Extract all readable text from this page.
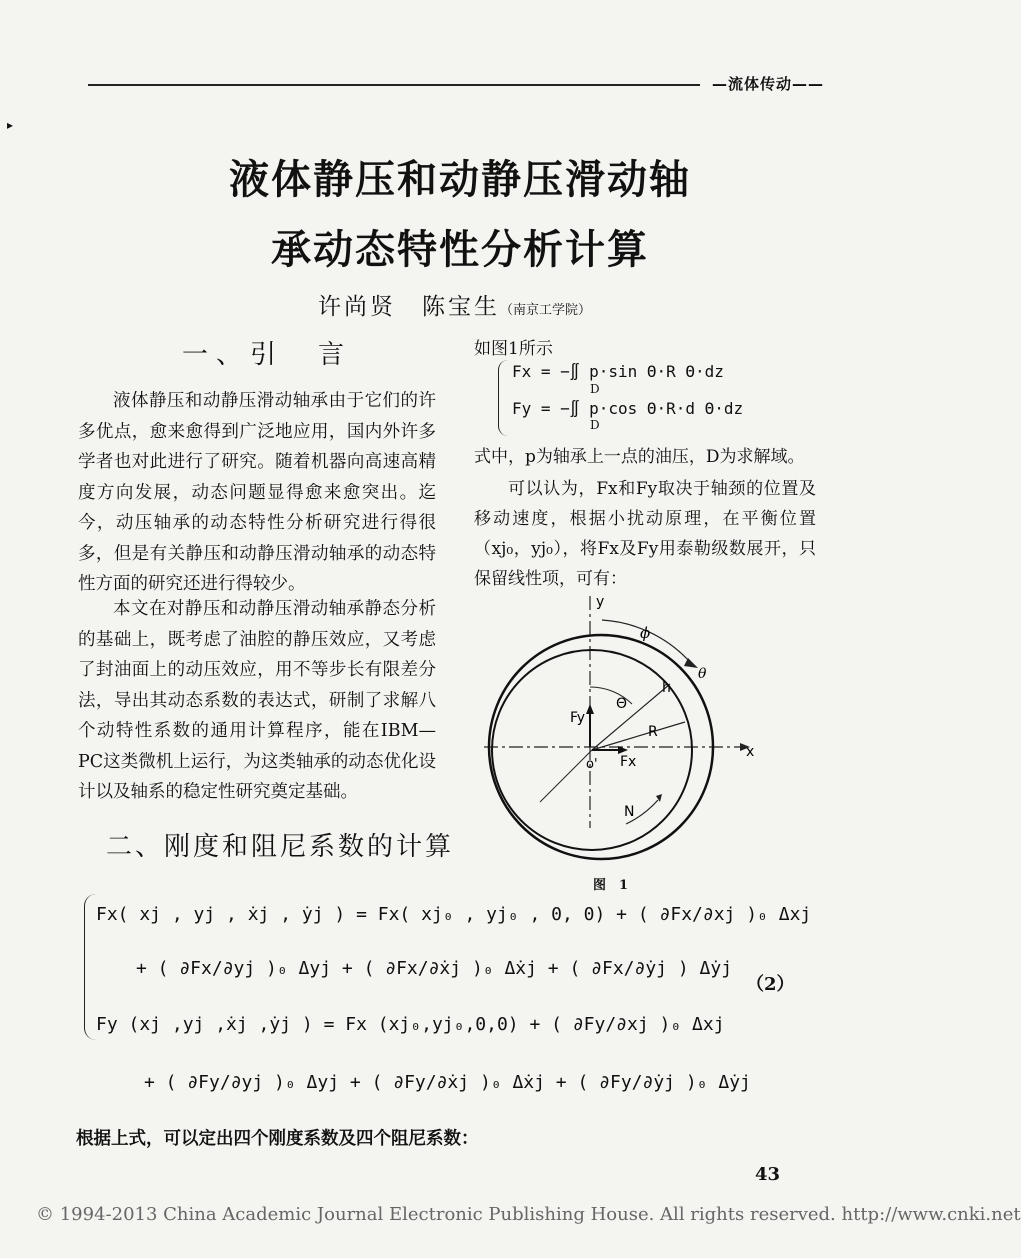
▸
—流体传动——
液体静压和动静压滑动轴
承动态特性分析计算
许尚贤　陈宝生（南京工学院）
一、引　言
液体静压和动静压滑动轴承由于它们的许多优点，愈来愈得到广泛地应用，国内外许多学者也对此进行了研究。随着机器向高速高精度方向发展，动态问题显得愈来愈突出。迄今，动压轴承的动态特性分析研究进行得很多，但是有关静压和动静压滑动轴承的动态特性方面的研究还进行得较少。
本文在对静压和动静压滑动轴承静态分析的基础上，既考虑了油腔的静压效应，又考虑了封油面上的动压效应，用不等步长有限差分法，导出其动态系数的表达式，研制了求解八个动特性系数的通用计算程序，能在IBM—PC这类微机上运行，为这类轴承的动态优化设计以及轴系的稳定性研究奠定基础。
二、刚度和阻尼系数的计算
如图1所示
Fx = −∬ p·sin Θ·R Θ·dz
Fy = −∬ p·cos Θ·R·d Θ·dz
D
D
式中，p为轴承上一点的油压，D为求解域。
可以认为，Fx和Fy取决于轴颈的位置及移动速度，根据小扰动原理，在平衡位置（xj₀，yj₀），将Fx及Fy用泰勒级数展开，只保留线性项，可有：
y
x
ϕ
θ
h
Θ
R
Fy
Fx
o'
N
图　1
Fx( xj , yj , ẋj , ẏj ) = Fx( xj₀ , yj₀ , 0, 0) + ( ∂Fx/∂xj )₀ Δxj
+ ( ∂Fx/∂yj )₀ Δyj + ( ∂Fx/∂ẋj )₀ Δẋj + ( ∂Fx/∂ẏj ) Δẏj
Fy (xj ,yj ,ẋj ,ẏj ) = Fx (xj₀,yj₀,0,0) + ( ∂Fy/∂xj )₀ Δxj
+ ( ∂Fy/∂yj )₀ Δyj + ( ∂Fy/∂ẋj )₀ Δẋj + ( ∂Fy/∂ẏj )₀ Δẏj
（2）
根据上式，可以定出四个刚度系数及四个阻尼系数：
43
© 1994-2013 China Academic Journal Electronic Publishing House. All rights reserved. http://www.cnki.net
